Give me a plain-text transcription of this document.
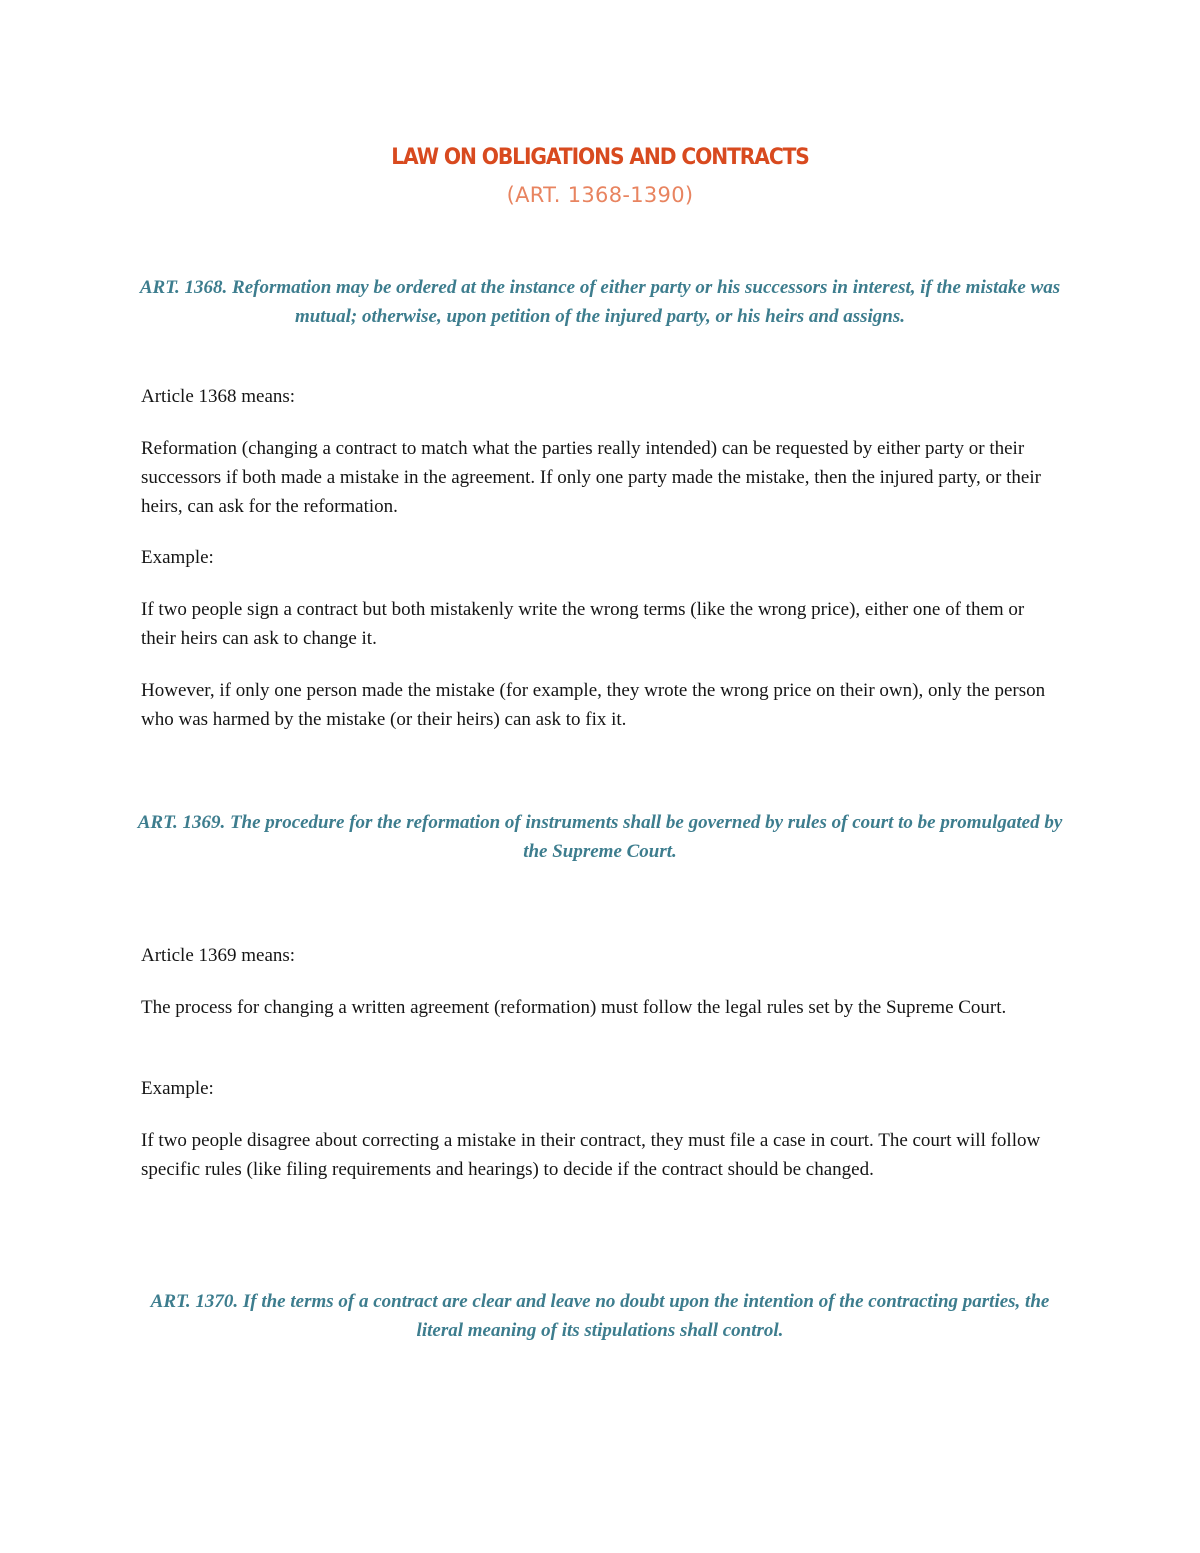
LAW ON OBLIGATIONS AND CONTRACTS
(ART. 1368-1390)
ART. 1368. Reformation may be ordered at the instance of either party or his successors in interest, if the mistake was mutual; otherwise, upon petition of the injured party, or his heirs and assigns.
Article 1368 means:
Reformation (changing a contract to match what the parties really intended) can be requested by either party or their successors if both made a mistake in the agreement. If only one party made the mistake, then the injured party, or their heirs, can ask for the reformation.
Example:
If two people sign a contract but both mistakenly write the wrong terms (like the wrong price), either one of them or their heirs can ask to change it.
However, if only one person made the mistake (for example, they wrote the wrong price on their own), only the person who was harmed by the mistake (or their heirs) can ask to fix it.
ART. 1369. The procedure for the reformation of instruments shall be governed by rules of court to be promulgated by the Supreme Court.
Article 1369 means:
The process for changing a written agreement (reformation) must follow the legal rules set by the Supreme Court.
Example:
If two people disagree about correcting a mistake in their contract, they must file a case in court. The court will follow specific rules (like filing requirements and hearings) to decide if the contract should be changed.
ART. 1370. If the terms of a contract are clear and leave no doubt upon the intention of the contracting parties, the literal meaning of its stipulations shall control.
